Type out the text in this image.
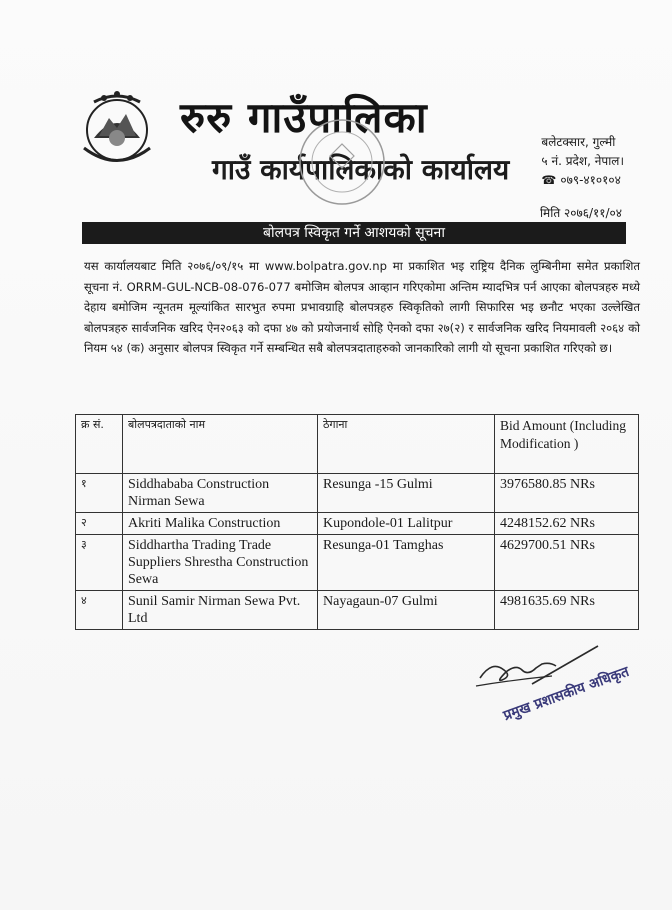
रुरु गाउँपालिका
गाउँ कार्यपालिकाको कार्यालय
बलेटक्सार, गुल्मी
५ नं. प्रदेश, नेपाल।
☎ ०७९-४१०१०४
मिति २०७६/११/०४
बोलपत्र स्विकृत गर्ने आशयको सूचना
यस कार्यालयबाट मिति २०७६/०९/१५ मा www.bolpatra.gov.np मा प्रकाशित भइ राष्ट्रिय दैनिक लुम्बिनीमा समेत प्रकाशित सूचना नं. ORRM-GUL-NCB-08-076-077 बमोजिम बोलपत्र आव्हान गरिएकोमा अन्तिम म्यादभित्र पर्न आएका बोलपत्रहरु मध्ये देहाय बमोजिम न्यूनतम मूल्यांकित सारभुत रुपमा प्रभावग्राहि बोलपत्रहरु स्विकृतिको लागी सिफारिस भइ छनौट भएका उल्लेखित बोलपत्रहरु सार्वजनिक खरिद ऐन२०६३ को दफा ४७ को प्रयोजनार्थ सोहि ऐनको दफा २७(२) र सार्वजनिक खरिद नियमावली २०६४ को नियम ५४ (क) अनुसार बोलपत्र स्विकृत गर्ने सम्बन्धित सबै बोलपत्रदाताहरुको जानकारिको लागी यो सूचना प्रकाशित गरिएको छ।
क्र सं.	बोलपत्रदाताको नाम	ठेगाना	Bid Amount (Including Modification )
१	Siddhababa Construction Nirman Sewa	Resunga -15 Gulmi	3976580.85 NRs
२	Akriti Malika Construction	Kupondole-01 Lalitpur	4248152.62 NRs
३	Siddhartha Trading Trade Suppliers Shrestha Construction Sewa	Resunga-01 Tamghas	4629700.51 NRs
४	Sunil Samir Nirman Sewa Pvt. Ltd	Nayagaun-07 Gulmi	4981635.69 NRs
प्रमुख प्रशासकीय अधिकृत
